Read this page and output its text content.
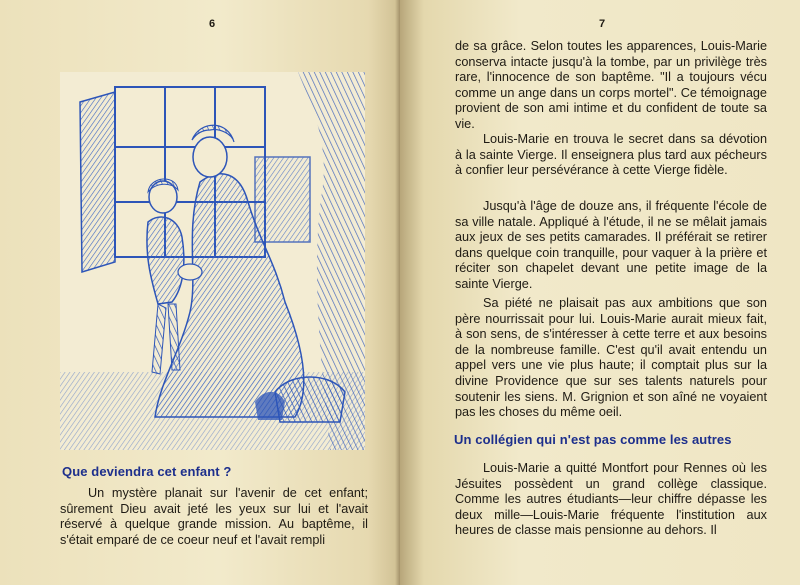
6
Que deviendra cet enfant ?

Un mystère planait sur l'avenir de cet enfant; sûrement Dieu avait jeté les yeux sur lui et l'avait réservé à quelque grande mission. Au baptême, il s'était emparé de ce coeur neuf et l'avait rempli

7

de sa grâce. Selon toutes les apparences, Louis-Marie conserva intacte jusqu'à la tombe, par un privilège très rare, l'innocence de son baptême. "Il a toujours vécu comme un ange dans un corps mortel". Ce témoignage provient de son ami intime et du confident de toute sa vie.

Louis-Marie en trouva le secret dans sa dévotion à la sainte Vierge. Il enseignera plus tard aux pécheurs à confier leur persévérance à cette Vierge fidèle.

Jusqu'à l'âge de douze ans, il fréquente l'école de sa ville natale. Appliqué à l'étude, il ne se mêlait jamais aux jeux de ses petits camarades. Il préférait se retirer dans quelque coin tranquille, pour vaquer à la prière et réciter son chapelet devant une petite image de la sainte Vierge.

Sa piété ne plaisait pas aux ambitions que son père nourrissait pour lui. Louis-Marie aurait mieux fait, à son sens, de s'intéresser à cette terre et aux besoins de la nombreuse famille. C'est qu'il avait entendu un appel vers une vie plus haute; il comptait plus sur la divine Providence que sur ses talents naturels pour soutenir les siens. M. Grignion et son aîné ne voyaient pas les choses du même oeil.

Un collégien qui n'est pas comme les autres

Louis-Marie a quitté Montfort pour Rennes où les Jésuites possèdent un grand collège classique. Comme les autres étudiants—leur chiffre dépasse les deux mille—Louis-Marie fréquente l'institution aux heures de classe mais pensionne au dehors. Il
